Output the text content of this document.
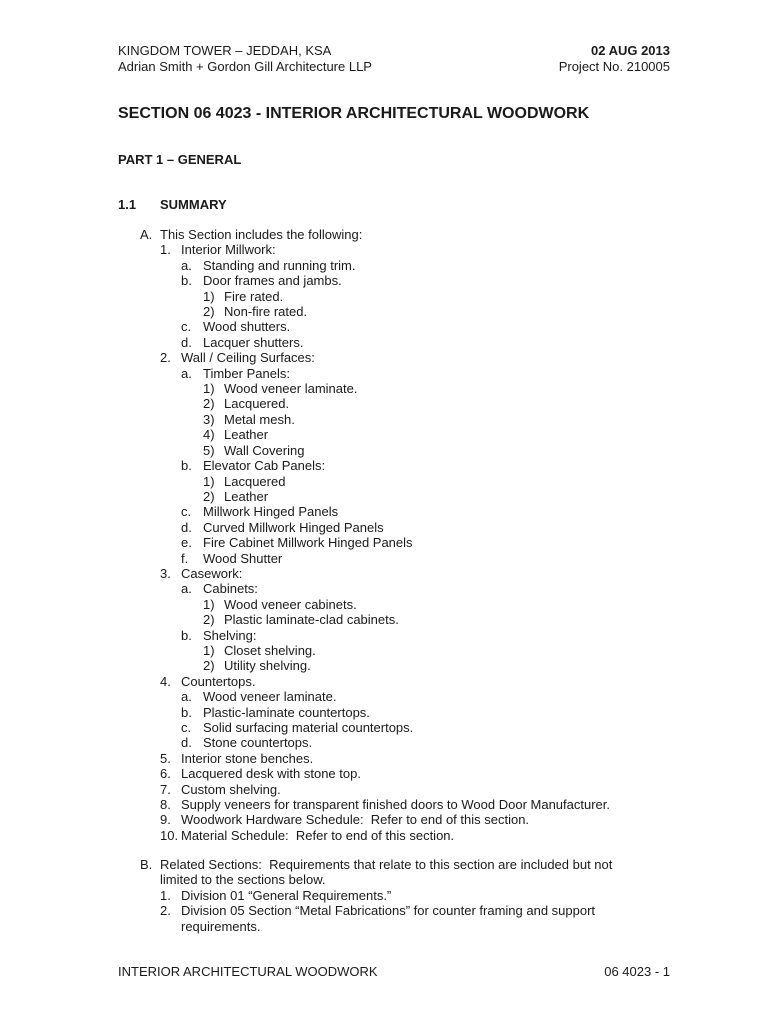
KINGDOM TOWER – JEDDAH, KSA
Adrian Smith + Gordon Gill Architecture LLP
02 AUG 2013
Project No. 210005
SECTION 06 4023 - INTERIOR ARCHITECTURAL WOODWORK
PART 1 – GENERAL
1.1 SUMMARY
A. This Section includes the following:
1. Interior Millwork:
a. Standing and running trim.
b. Door frames and jambs.
1) Fire rated.
2) Non-fire rated.
c. Wood shutters.
d. Lacquer shutters.
2. Wall / Ceiling Surfaces:
a. Timber Panels:
1) Wood veneer laminate.
2) Lacquered.
3) Metal mesh.
4) Leather
5) Wall Covering
b. Elevator Cab Panels:
1) Lacquered
2) Leather
c. Millwork Hinged Panels
d. Curved Millwork Hinged Panels
e. Fire Cabinet Millwork Hinged Panels
f. Wood Shutter
3. Casework:
a. Cabinets:
1) Wood veneer cabinets.
2) Plastic laminate-clad cabinets.
b. Shelving:
1) Closet shelving.
2) Utility shelving.
4. Countertops.
a. Wood veneer laminate.
b. Plastic-laminate countertops.
c. Solid surfacing material countertops.
d. Stone countertops.
5. Interior stone benches.
6. Lacquered desk with stone top.
7. Custom shelving.
8. Supply veneers for transparent finished doors to Wood Door Manufacturer.
9. Woodwork Hardware Schedule:  Refer to end of this section.
10. Material Schedule:  Refer to end of this section.
B. Related Sections:  Requirements that relate to this section are included but not limited to the sections below.
1. Division 01 “General Requirements.”
2. Division 05 Section “Metal Fabrications” for counter framing and support requirements.
INTERIOR ARCHITECTURAL WOODWORK	06 4023 - 1
